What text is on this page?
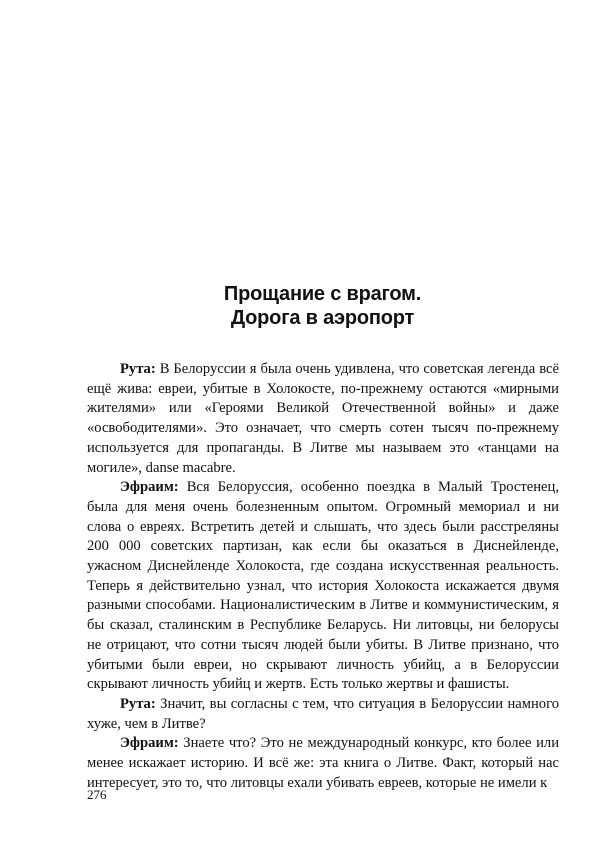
Прощание с врагом.
Дорога в аэропорт

Рута: В Белоруссии я была очень удивлена, что советская легенда всё ещё жива: евреи, убитые в Холокосте, по-прежнему остаются «мирными жителями» или «Героями Великой Отечественной войны» и даже «освободителями». Это означает, что смерть сотен тысяч по-прежнему используется для пропаганды. В Литве мы называем это «танцами на могиле», danse macabre.

Эфраим: Вся Белоруссия, особенно поездка в Малый Тростенец, была для меня очень болезненным опытом. Огромный мемориал и ни слова о евреях. Встретить детей и слышать, что здесь были расстреляны 200 000 советских партизан, как если бы оказаться в Диснейленде, ужасном Диснейленде Холокоста, где создана искусственная реальность. Теперь я действительно узнал, что история Холокоста искажается двумя разными способами. Националистическим в Литве и коммунистическим, я бы сказал, сталинским в Республике Беларусь. Ни литовцы, ни белорусы не отрицают, что сотни тысяч людей были убиты. В Литве признано, что убитыми были евреи, но скрывают личность убийц, а в Белоруссии скрывают личность убийц и жертв. Есть только жертвы и фашисты.

Рута: Значит, вы согласны с тем, что ситуация в Белоруссии намного хуже, чем в Литве?

Эфраим: Знаете что? Это не международный конкурс, кто более или менее искажает историю. И всё же: эта книга о Литве. Факт, который нас интересует, это то, что литовцы ехали убивать евреев, которые не имели к

276
